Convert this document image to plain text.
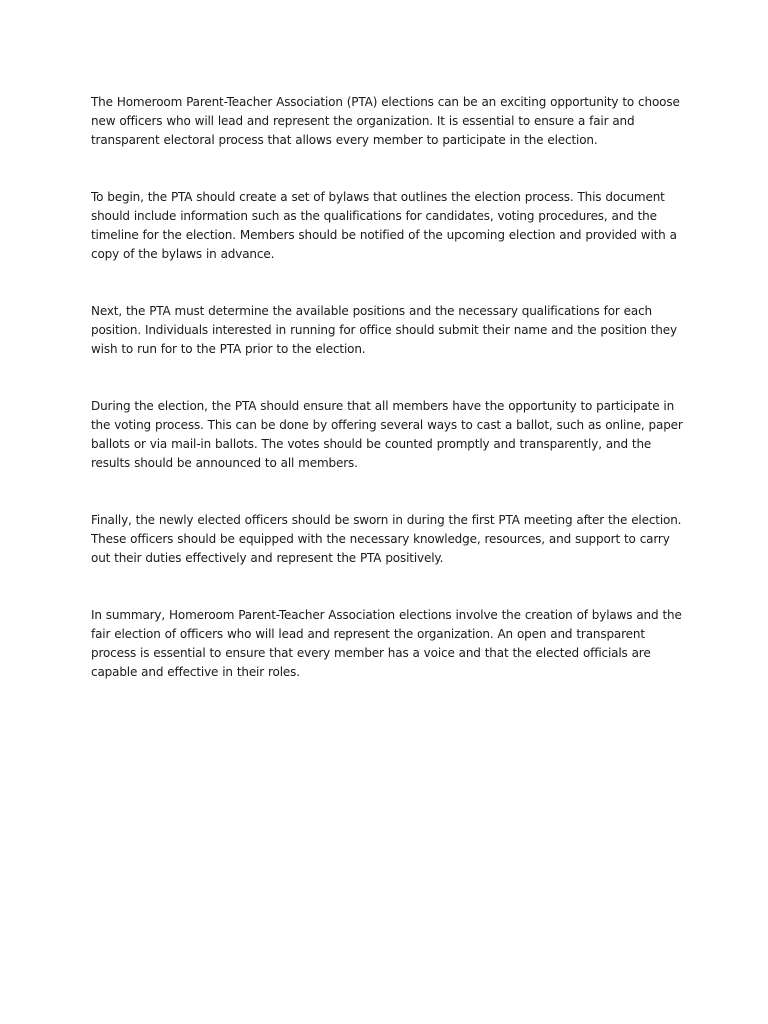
The Homeroom Parent-Teacher Association (PTA) elections can be an exciting opportunity to choose new officers who will lead and represent the organization. It is essential to ensure a fair and transparent electoral process that allows every member to participate in the election.

To begin, the PTA should create a set of bylaws that outlines the election process. This document should include information such as the qualifications for candidates, voting procedures, and the timeline for the election. Members should be notified of the upcoming election and provided with a copy of the bylaws in advance.

Next, the PTA must determine the available positions and the necessary qualifications for each position. Individuals interested in running for office should submit their name and the position they wish to run for to the PTA prior to the election.

During the election, the PTA should ensure that all members have the opportunity to participate in the voting process. This can be done by offering several ways to cast a ballot, such as online, paper ballots or via mail-in ballots. The votes should be counted promptly and transparently, and the results should be announced to all members.

Finally, the newly elected officers should be sworn in during the first PTA meeting after the election. These officers should be equipped with the necessary knowledge, resources, and support to carry out their duties effectively and represent the PTA positively.

In summary, Homeroom Parent-Teacher Association elections involve the creation of bylaws and the fair election of officers who will lead and represent the organization. An open and transparent process is essential to ensure that every member has a voice and that the elected officials are capable and effective in their roles.
